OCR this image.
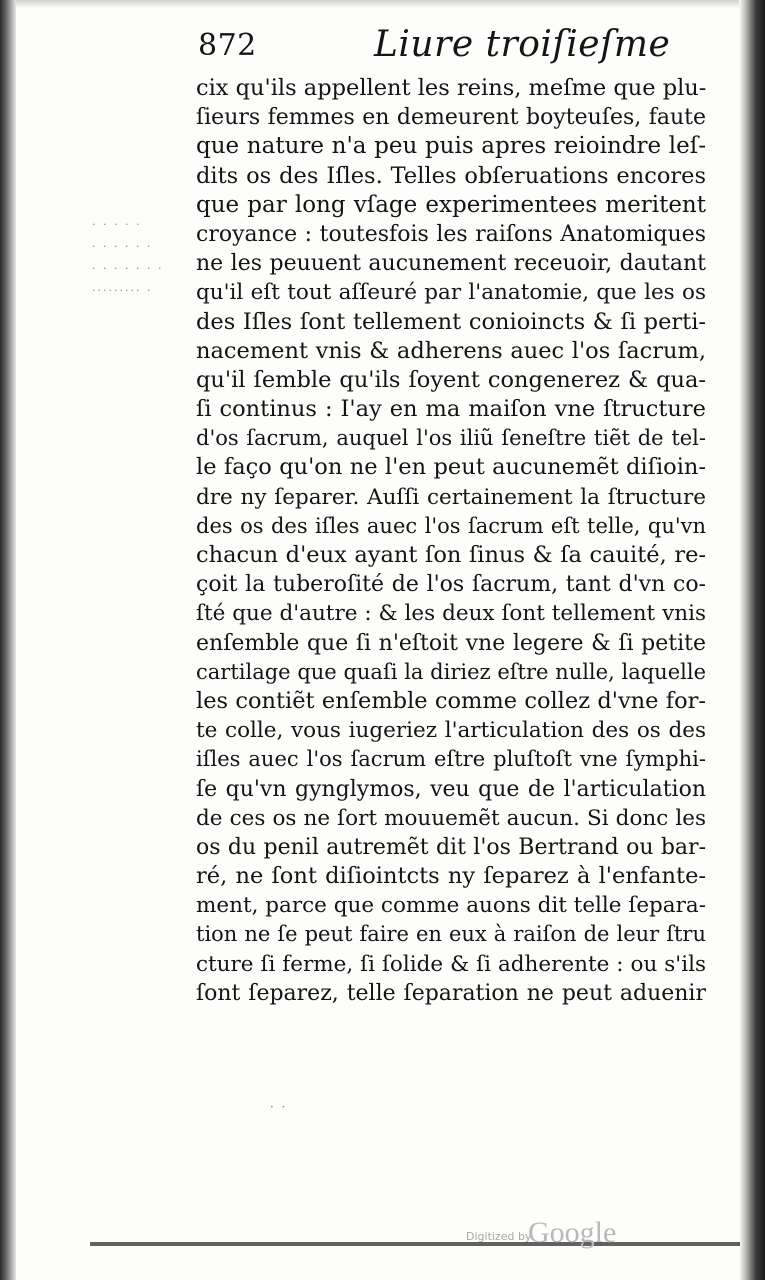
872	Liure troiſieſme
· · · · ·
· · · · · ·
· · · · · · ·
········· ·
cix qu'ils appellent les reins, meſme que plu-
ſieurs femmes en demeurent boyteuſes, faute
que nature n'a peu puis apres reioindre leſ-
dits os des Iſles. Telles obſeruations encores
que par long vſage experimentees meritent
croyance : toutesfois les raiſons Anatomiques
ne les peuuent aucunement receuoir, dautant
qu'il eſt tout aſſeuré par l'anatomie, que les os
des Iſles ſont tellement conioincts & ſi perti-
nacement vnis & adherens auec l'os ſacrum,
qu'il ſemble qu'ils ſoyent congenerez & qua-
ſi continus : I'ay en ma maiſon vne ſtructure
d'os ſacrum, auquel l'os iliũ ſeneſtre tiẽt de tel-
le faço qu'on ne l'en peut aucunemẽt diſioin-
dre ny ſeparer. Auſſi certainement la ſtructure
des os des iſles auec l'os ſacrum eſt telle, qu'vn
chacun d'eux ayant ſon ſinus & ſa cauité, re-
çoit la tuberoſité de l'os ſacrum, tant d'vn co-
ſté que d'autre : & les deux ſont tellement vnis
enſemble que ſi n'eſtoit vne legere & ſi petite
cartilage que quaſi la diriez eſtre nulle, laquelle
les contiẽt enſemble comme collez d'vne for-
te colle, vous iugeriez l'articulation des os des
iſles auec l'os ſacrum eſtre pluſtoſt vne ſymphi-
ſe qu'vn gynglymos, veu que de l'articulation
de ces os ne ſort mouuemẽt aucun. Si donc les
os du penil autremẽt dit l'os Bertrand ou bar-
ré, ne ſont diſiointcts ny ſeparez à l'enfante-
ment, parce que comme auons dit telle ſepara-
tion ne ſe peut faire en eux à raiſon de leur ſtru
cture ſi ferme, ſi ſolide & ſi adherente : ou s'ils
ſont ſeparez, telle ſeparation ne peut aduenir
·  ·
Digitized by
Google
